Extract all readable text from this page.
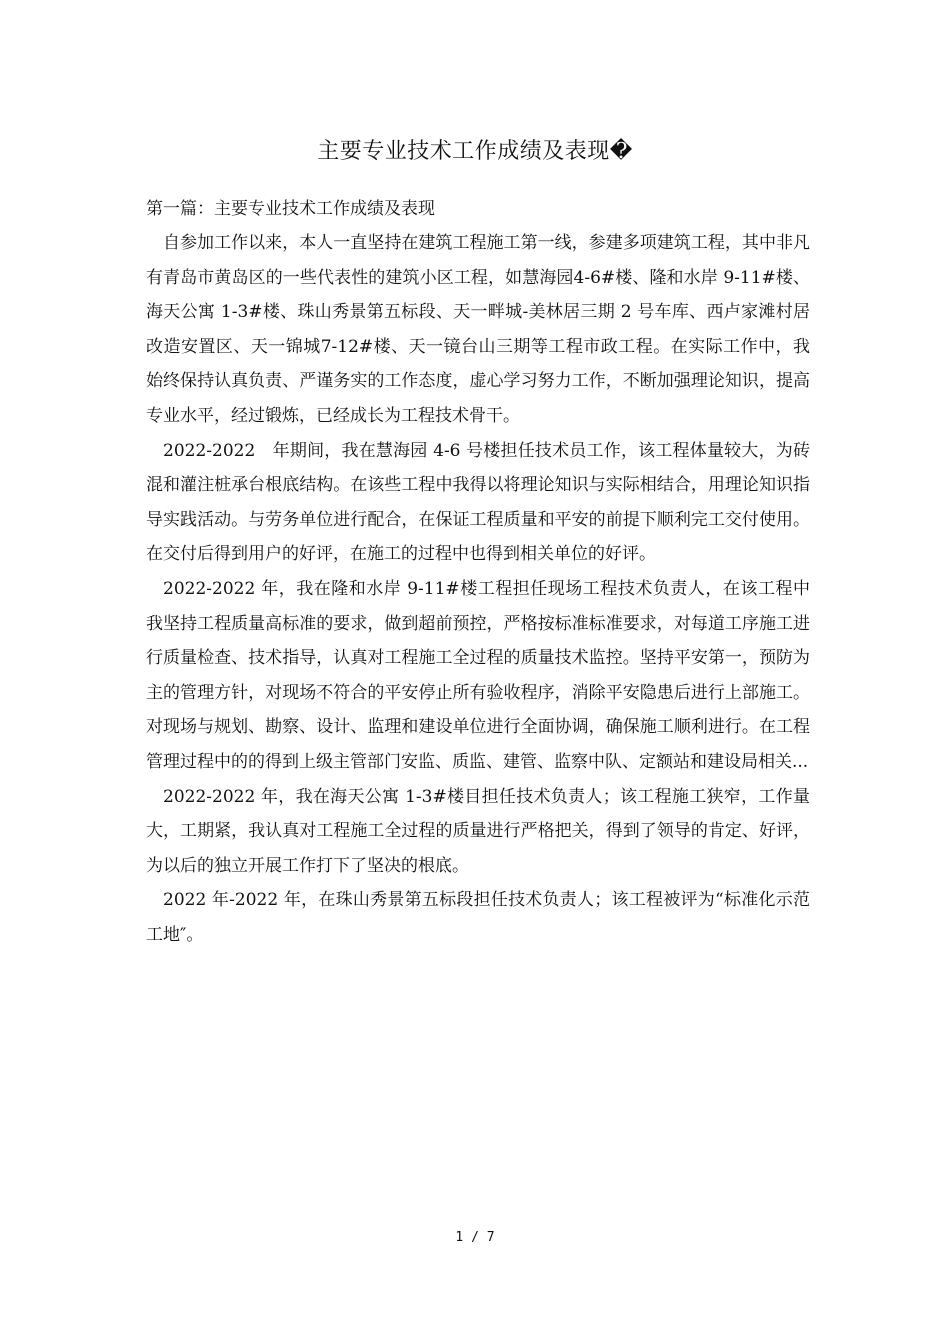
主要专业技术工作成绩及表现�

第一篇：主要专业技术工作成绩及表现

自参加工作以来，本人一直坚持在建筑工程施工第一线，参建多项建筑工程，其中非凡有青岛市黄岛区的一些代表性的建筑小区工程，如慧海园4-6#楼、隆和水岸 9-11#楼、海天公寓 1-3#楼、珠山秀景第五标段、天一畔城-美林居三期 2 号车库、西卢家滩村居改造安置区、天一锦城7-12#楼、天一镜台山三期等工程市政工程。在实际工作中，我始终保持认真负责、严谨务实的工作态度，虚心学习努力工作，不断加强理论知识，提高专业水平，经过锻炼，已经成长为工程技术骨干。

2022-2022　年期间，我在慧海园 4-6 号楼担任技术员工作，该工程体量较大，为砖混和灌注桩承台根底结构。在该些工程中我得以将理论知识与实际相结合，用理论知识指导实践活动。与劳务单位进行配合，在保证工程质量和平安的前提下顺利完工交付使用。在交付后得到用户的好评，在施工的过程中也得到相关单位的好评。

2022-2022 年，我在隆和水岸 9-11#楼工程担任现场工程技术负责人，在该工程中我坚持工程质量高标准的要求，做到超前预控，严格按标准标准要求，对每道工序施工进行质量检查、技术指导，认真对工程施工全过程的质量技术监控。坚持平安第一，预防为主的管理方针，对现场不符合的平安停止所有验收程序，消除平安隐患后进行上部施工。对现场与规划、勘察、设计、监理和建设单位进行全面协调，确保施工顺利进行。在工程管理过程中的的得到上级主管部门安监、质监、建管、监察中队、定额站和建设局相关...

2022-2022 年，我在海天公寓 1-3#楼目担任技术负责人；该工程施工狭窄，工作量大，工期紧，我认真对工程施工全过程的质量进行严格把关，得到了领导的肯定、好评，为以后的独立开展工作打下了坚决的根底。

2022 年-2022 年，在珠山秀景第五标段担任技术负责人；该工程被评为“标准化示范工地″。

1 / 7
